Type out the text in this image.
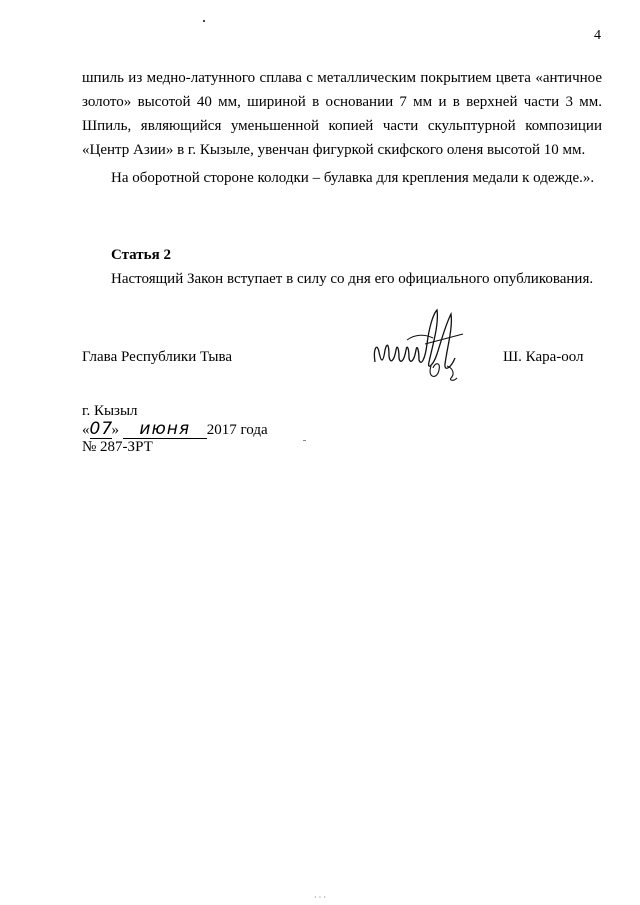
4

шпиль из медно-латунного сплава с металлическим покрытием цвета «античное золото» высотой 40 мм, шириной в основании 7 мм и в верхней части 3 мм. Шпиль, являющийся уменьшенной копией части скульптурной композиции «Центр Азии» в г. Кызыле, увенчан фигуркой скифского оленя высотой 10 мм.

На оборотной стороне колодки – булавка для крепления медали к одежде.».

Статья 2
Настоящий Закон вступает в силу со дня его официального опубликования.
Глава Республики Тыва	Ш. Кара-оол
г. Кызыл
«07» июня 2017 года
№ 287-ЗРТ
···
